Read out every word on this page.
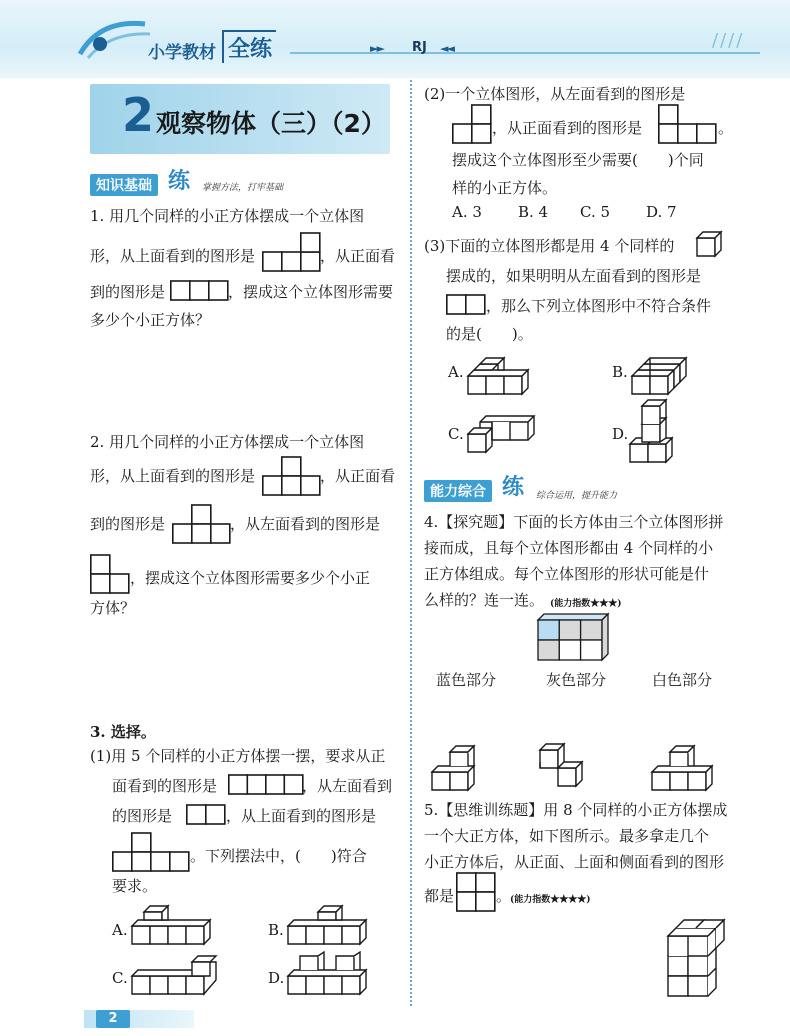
小学教材 全练	►► RJ ◄◄	////
2 观察物体（三）（2）
知识基础 练 掌握方法，打牢基础
1. 用几个同样的小正方体摆成一个立体图
形，从上面看到的图形是	，从正面看
到的图形是	，摆成这个立体图形需要
多少个小正方体？
2. 用几个同样的小正方体摆成一个立体图
形，从上面看到的图形是	，从正面看
到的图形是	，从左面看到的图形是
，摆成这个立体图形需要多少个小正
方体？
3. 选择。
(1)用 5 个同样的小正方体摆一摆，要求从正
面看到的图形是	，从左面看到
的图形是	，从上面看到的图形是
。下列摆法中，(　　)符合
要求。
A.	B.
C.	D.
(2)一个立体图形，从左面看到的图形是
，从正面看到的图形是	。
摆成这个立体图形至少需要(　　)个同
样的小正方体。
A. 3 B. 4 C. 5 D. 7
(3)下面的立体图形都是用 4 个同样的
摆成的，如果明明从左面看到的图形是
，那么下列立体图形中不符合条件
的是(　　)。
A.	B.
C.	D.
能力综合 练 综合运用，提升能力
4.【探究题】下面的长方体由三个立体图形拼
接而成，且每个立体图形都由 4 个同样的小
正方体组成。每个立体图形的形状可能是什
么样的？连一连。 (能力指数★★★)
蓝色部分	灰色部分	白色部分
5.【思维训练题】用 8 个同样的小正方体摆成
一个大正方体，如下图所示。最多拿走几个
小正方体后，从正面、上面和侧面看到的图形
都是	。
(能力指数★★★★)
2
